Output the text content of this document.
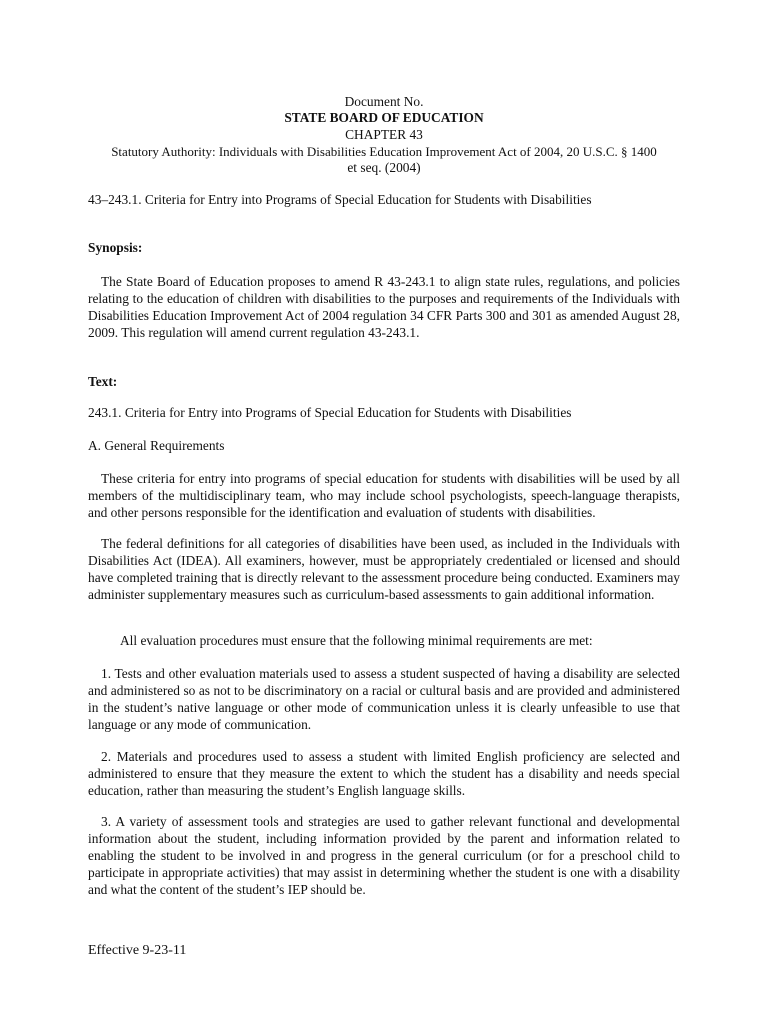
Document No.
STATE BOARD OF EDUCATION
CHAPTER 43
Statutory Authority: Individuals with Disabilities Education Improvement Act of 2004, 20 U.S.C. § 1400
et seq. (2004)
43–243.1. Criteria for Entry into Programs of Special Education for Students with Disabilities
Synopsis:

The State Board of Education proposes to amend R 43-243.1 to align state rules, regulations, and policies relating to the education of children with disabilities to the purposes and requirements of the Individuals with Disabilities Education Improvement Act of 2004 regulation 34 CFR Parts 300 and 301 as amended August 28, 2009. This regulation will amend current regulation 43-243.1.

Text:
243.1. Criteria for Entry into Programs of Special Education for Students with Disabilities
A. General Requirements

These criteria for entry into programs of special education for students with disabilities will be used by all members of the multidisciplinary team, who may include school psychologists, speech-language therapists, and other persons responsible for the identification and evaluation of students with disabilities.

The federal definitions for all categories of disabilities have been used, as included in the Individuals with Disabilities Act (IDEA). All examiners, however, must be appropriately credentialed or licensed and should have completed training that is directly relevant to the assessment procedure being conducted. Examiners may administer supplementary measures such as curriculum-based assessments to gain additional information.

All evaluation procedures must ensure that the following minimal requirements are met:

1. Tests and other evaluation materials used to assess a student suspected of having a disability are selected and administered so as not to be discriminatory on a racial or cultural basis and are provided and administered in the student’s native language or other mode of communication unless it is clearly unfeasible to use that language or any mode of communication.

2. Materials and procedures used to assess a student with limited English proficiency are selected and administered to ensure that they measure the extent to which the student has a disability and needs special education, rather than measuring the student’s English language skills.

3. A variety of assessment tools and strategies are used to gather relevant functional and developmental information about the student, including information provided by the parent and information related to enabling the student to be involved in and progress in the general curriculum (or for a preschool child to participate in appropriate activities) that may assist in determining whether the student is one with a disability and what the content of the student’s IEP should be.

Effective 9-23-11
